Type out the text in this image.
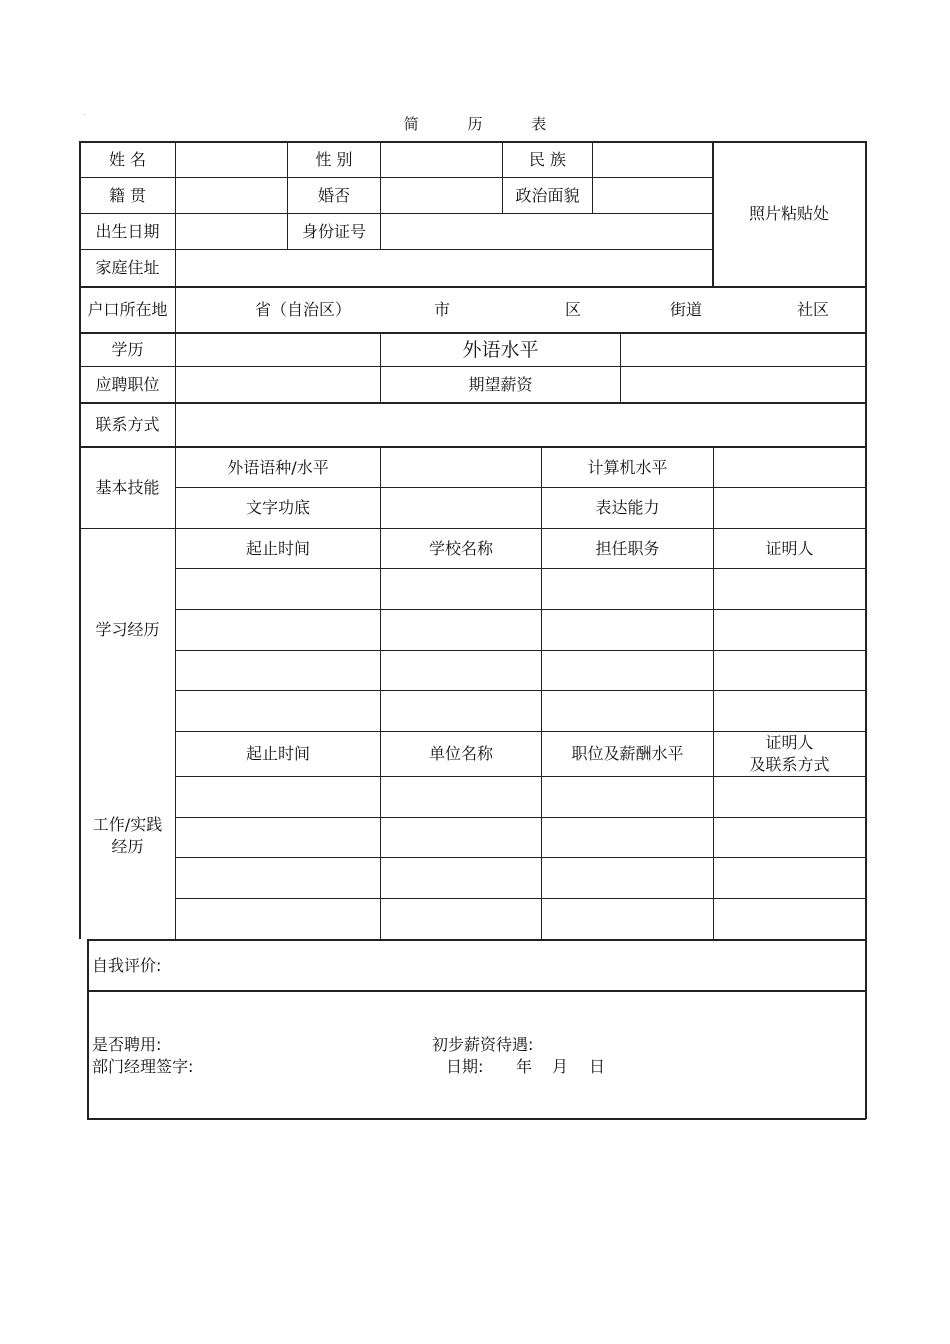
·	简	历	表
姓 名	性 别	民 族
照片粘贴处
籍 贯	婚否	政治面貌
出生日期	身份证号
家庭住址
户口所在地	省（自治区）	市	区	街道	社区
学历	外语水平
应聘职位	期望薪资
联系方式
基本技能
外语语种/水平	计算机水平
文字功底	表达能力
学习经历
起止时间	学校名称	担任职务	证明人
工作/实践
经历
起止时间	单位名称	职位及薪酬水平
证明人
及联系方式
自我评价:
是否聘用:	初步薪资待遇:
部门经理签字:	日期: 年 月 日
